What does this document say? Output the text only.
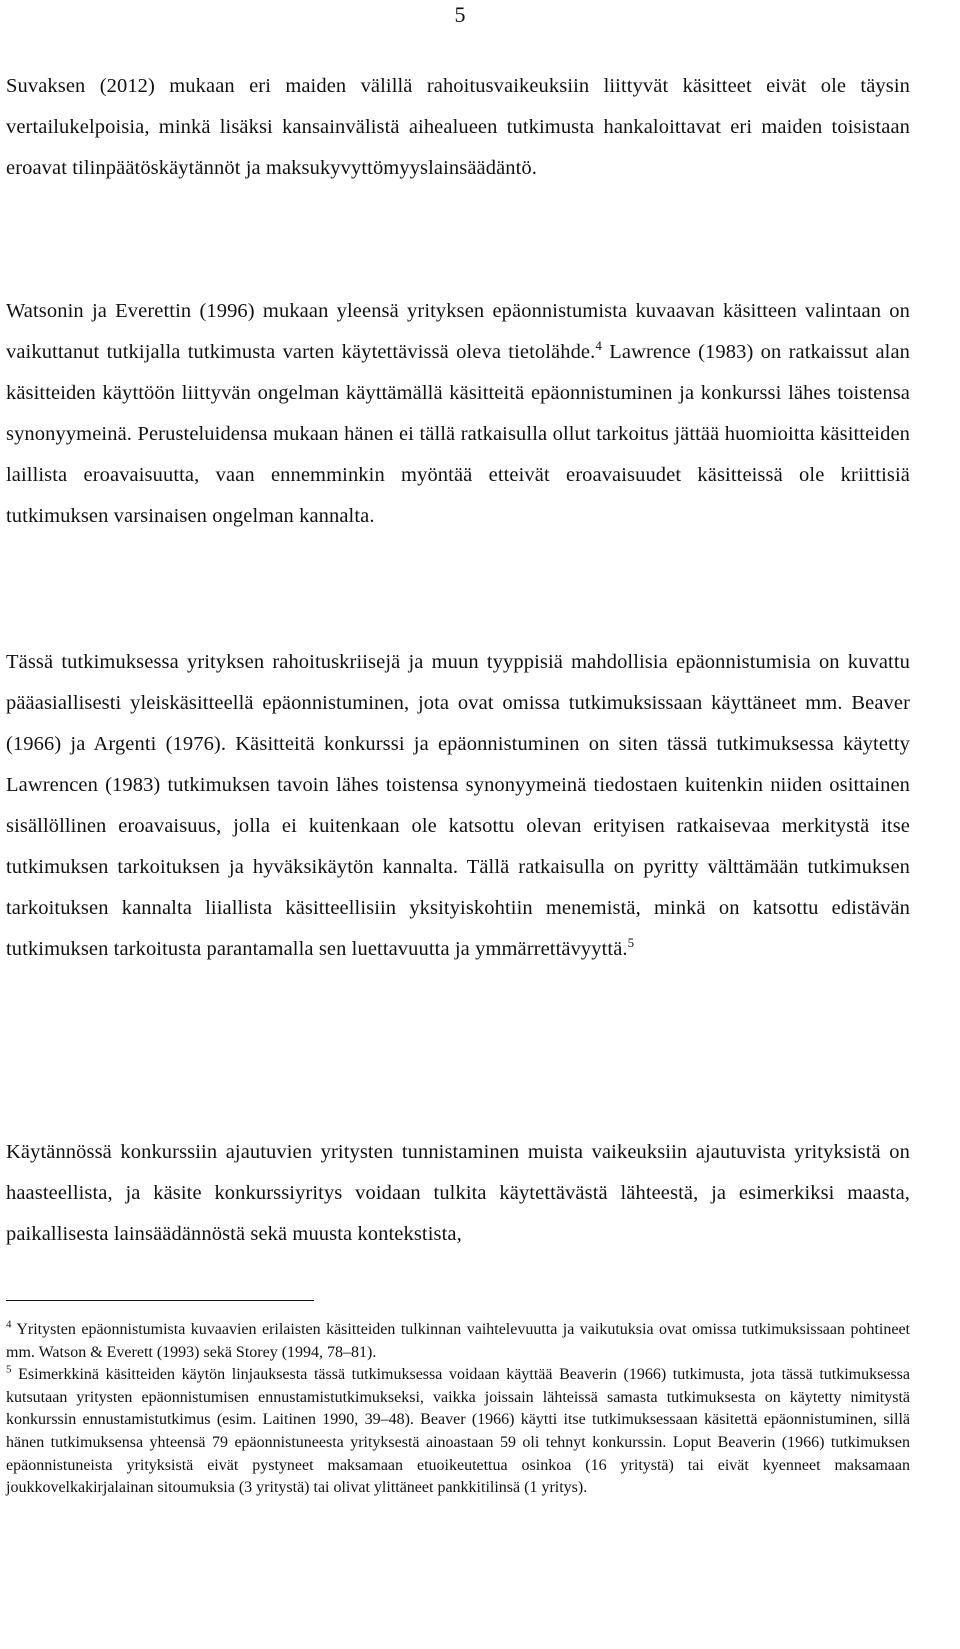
5

Suvaksen (2012) mukaan eri maiden välillä rahoitusvaikeuksiin liittyvät käsitteet eivät ole täysin vertailukelpoisia, minkä lisäksi kansainvälistä aihealueen tutkimusta hankaloittavat eri maiden toisistaan eroavat tilinpäätöskäytännöt ja maksukyvyttömyyslainsäädäntö.

Watsonin ja Everettin (1996) mukaan yleensä yrityksen epäonnistumista kuvaavan käsitteen valintaan on vaikuttanut tutkijalla tutkimusta varten käytettävissä oleva tietolähde.$^4$ Lawrence (1983) on ratkaissut alan käsitteiden käyttöön liittyvän ongelman käyttämällä käsitteitä epäonnistuminen ja konkurssi lähes toistensa synonyymeinä. Perusteluidensa mukaan hänen ei tällä ratkaisulla ollut tarkoitus jättää huomioitta käsitteiden laillista eroavaisuutta, vaan ennemminkin myöntää etteivät eroavaisuudet käsitteissä ole kriittisiä tutkimuksen varsinaisen ongelman kannalta.

Tässä tutkimuksessa yrityksen rahoituskriisejä ja muun tyyppisiä mahdollisia epäonnistumisia on kuvattu pääasiallisesti yleiskäsitteellä epäonnistuminen, jota ovat omissa tutkimuksissaan käyttäneet mm. Beaver (1966) ja Argenti (1976). Käsitteitä konkurssi ja epäonnistuminen on siten tässä tutkimuksessa käytetty Lawrencen (1983) tutkimuksen tavoin lähes toistensa synonyymeinä tiedostaen kuitenkin niiden osittainen sisällöllinen eroavaisuus, jolla ei kuitenkaan ole katsottu olevan erityisen ratkaisevaa merkitystä itse tutkimuksen tarkoituksen ja hyväksikäytön kannalta. Tällä ratkaisulla on pyritty välttämään tutkimuksen tarkoituksen kannalta liiallista käsitteellisiin yksityiskohtiin menemistä, minkä on katsottu edistävän tutkimuksen tarkoitusta parantamalla sen luettavuutta ja ymmärrettävyyttä.$^5$

Käytännössä konkurssiin ajautuvien yritysten tunnistaminen muista vaikeuksiin ajautuvista yrityksistä on haasteellista, ja käsite konkurssiyritys voidaan tulkita käytettävästä lähteestä, ja esimerkiksi maasta, paikallisesta lainsäädännöstä sekä muusta kontekstista,

$^4$ Yritysten epäonnistumista kuvaavien erilaisten käsitteiden tulkinnan vaihtelevuutta ja vaikutuksia ovat omissa tutkimuksissaan pohtineet mm. Watson & Everett (1993) sekä Storey (1994, 78–81).

$^5$ Esimerkkinä käsitteiden käytön linjauksesta tässä tutkimuksessa voidaan käyttää Beaverin (1966) tutkimusta, jota tässä tutkimuksessa kutsutaan yritysten epäonnistumisen ennustamistutkimukseksi, vaikka joissain lähteissä samasta tutkimuksesta on käytetty nimitystä konkurssin ennustamistutkimus (esim. Laitinen 1990, 39–48). Beaver (1966) käytti itse tutkimuksessaan käsitettä epäonnistuminen, sillä hänen tutkimuksensa yhteensä 79 epäonnistuneesta yrityksestä ainoastaan 59 oli tehnyt konkurssin. Loput Beaverin (1966) tutkimuksen epäonnistuneista yrityksistä eivät pystyneet maksamaan etuoikeutettua osinkoa (16 yritystä) tai eivät kyenneet maksamaan joukkovelkakirjalainan sitoumuksia (3 yritystä) tai olivat ylittäneet pankkitilinsä (1 yritys).
